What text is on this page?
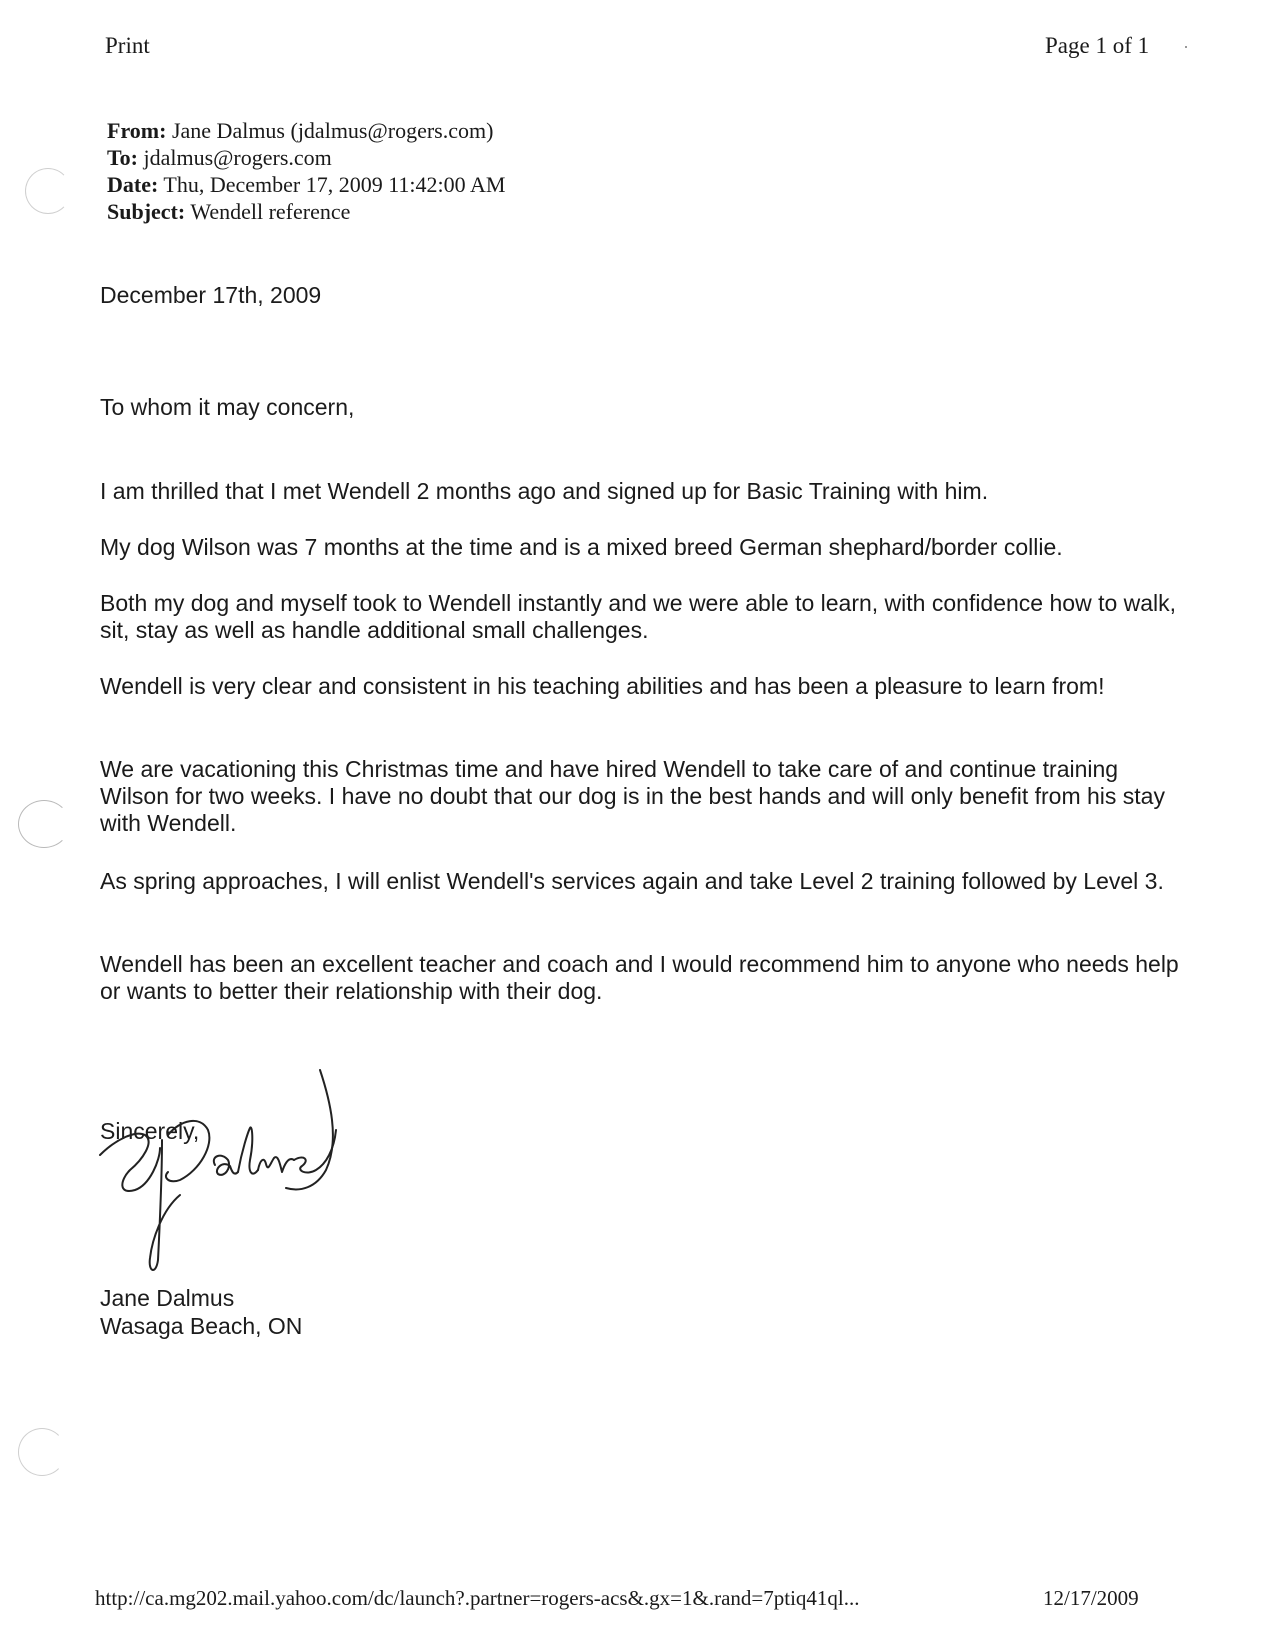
Print	Page 1 of 1
From: Jane Dalmus (jdalmus@rogers.com)
To: jdalmus@rogers.com
Date: Thu, December 17, 2009 11:42:00 AM
Subject: Wendell reference
December 17th, 2009
To whom it may concern,
I am thrilled that I met Wendell 2 months ago and signed up for Basic Training with him.
My dog Wilson was 7 months at the time and is a mixed breed German shephard/border collie.
Both my dog and myself took to Wendell instantly and we were able to learn, with confidence how to walk, sit, stay as well as handle additional small challenges.
Wendell is very clear and consistent in his teaching abilities and has been a pleasure to learn from!
We are vacationing this Christmas time and have hired Wendell to take care of and continue training Wilson for two weeks. I have no doubt that our dog is in the best hands and will only benefit from his stay with Wendell.
As spring approaches, I will enlist Wendell's services again and take Level 2 training followed by Level 3.
Wendell has been an excellent teacher and coach and I would recommend him to anyone who needs help or wants to better their relationship with their dog.
Sincerely,
Jane Dalmus
Wasaga Beach, ON
http://ca.mg202.mail.yahoo.com/dc/launch?.partner=rogers-acs&.gx=1&.rand=7ptiq41ql...	12/17/2009
